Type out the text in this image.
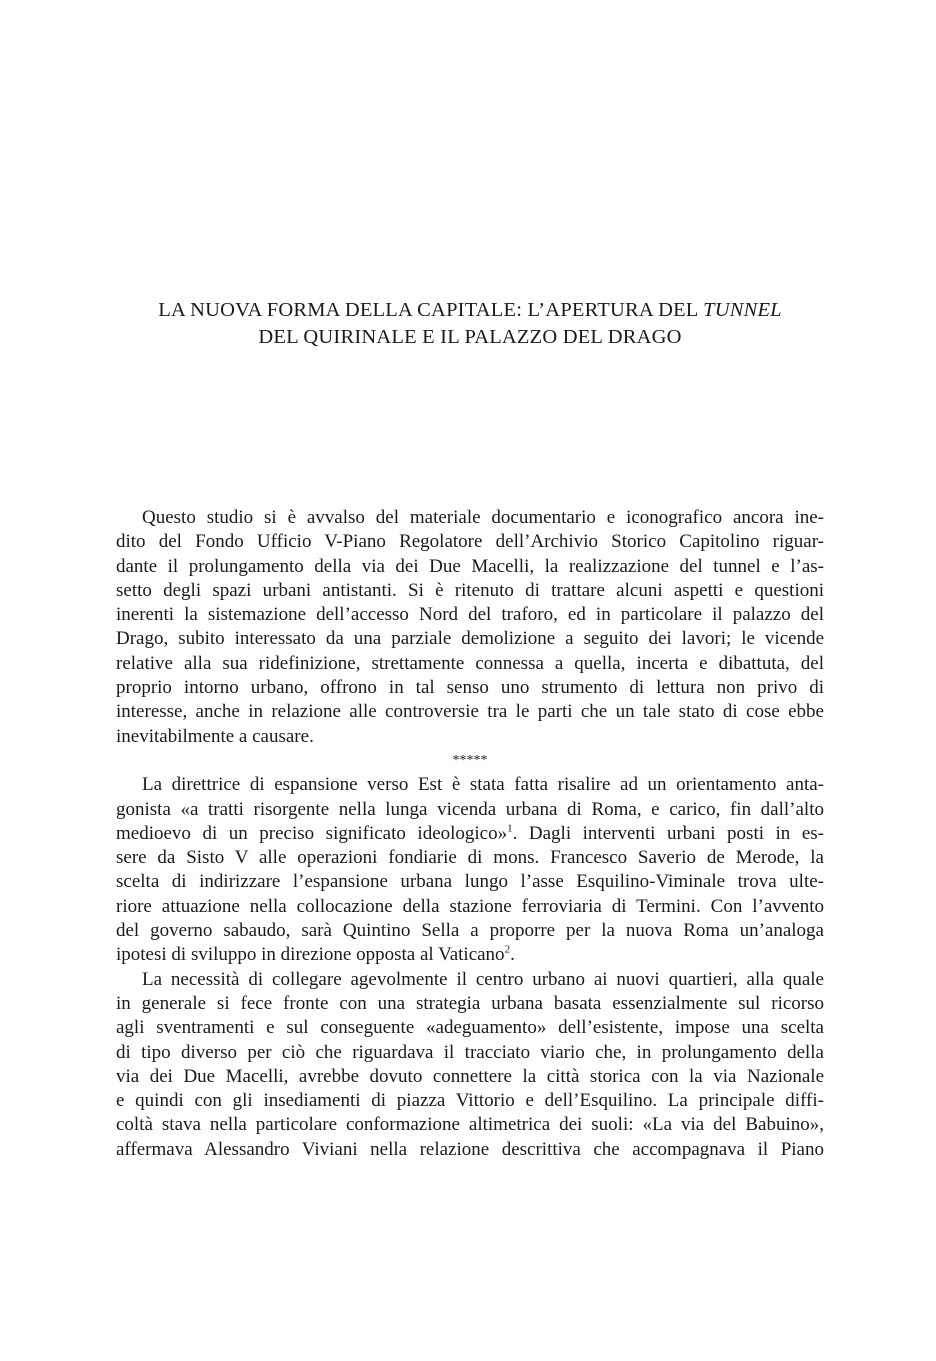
LA NUOVA FORMA DELLA CAPITALE: L’APERTURA DEL TUNNEL
DEL QUIRINALE E IL PALAZZO DEL DRAGO
Questo studio si è avvalso del materiale documentario e iconografico ancora ine-
dito del Fondo Ufficio V-Piano Regolatore dell’Archivio Storico Capitolino riguar-
dante il prolungamento della via dei Due Macelli, la realizzazione del tunnel e l’as-
setto degli spazi urbani antistanti. Si è ritenuto di trattare alcuni aspetti e questioni
inerenti la sistemazione dell’accesso Nord del traforo, ed in particolare il palazzo del
Drago, subito interessato da una parziale demolizione a seguito dei lavori; le vicende
relative alla sua ridefinizione, strettamente connessa a quella, incerta e dibattuta, del
proprio intorno urbano, offrono in tal senso uno strumento di lettura non privo di
interesse, anche in relazione alle controversie tra le parti che un tale stato di cose ebbe
inevitabilmente a causare.
*****
La direttrice di espansione verso Est è stata fatta risalire ad un orientamento anta-
gonista «a tratti risorgente nella lunga vicenda urbana di Roma, e carico, fin dall’alto
medioevo di un preciso significato ideologico»$^1$. Dagli interventi urbani posti in es-
sere da Sisto V alle operazioni fondiarie di mons. Francesco Saverio de Merode, la
scelta di indirizzare l’espansione urbana lungo l’asse Esquilino-Viminale trova ulte-
riore attuazione nella collocazione della stazione ferroviaria di Termini. Con l’avvento
del governo sabaudo, sarà Quintino Sella a proporre per la nuova Roma un’analoga
ipotesi di sviluppo in direzione opposta al Vaticano$^2$.
La necessità di collegare agevolmente il centro urbano ai nuovi quartieri, alla quale
in generale si fece fronte con una strategia urbana basata essenzialmente sul ricorso
agli sventramenti e sul conseguente «adeguamento» dell’esistente, impose una scelta
di tipo diverso per ciò che riguardava il tracciato viario che, in prolungamento della
via dei Due Macelli, avrebbe dovuto connettere la città storica con la via Nazionale
e quindi con gli insediamenti di piazza Vittorio e dell’Esquilino. La principale diffi-
coltà stava nella particolare conformazione altimetrica dei suoli: «La via del Babuino»,
affermava Alessandro Viviani nella relazione descrittiva che accompagnava il Piano
